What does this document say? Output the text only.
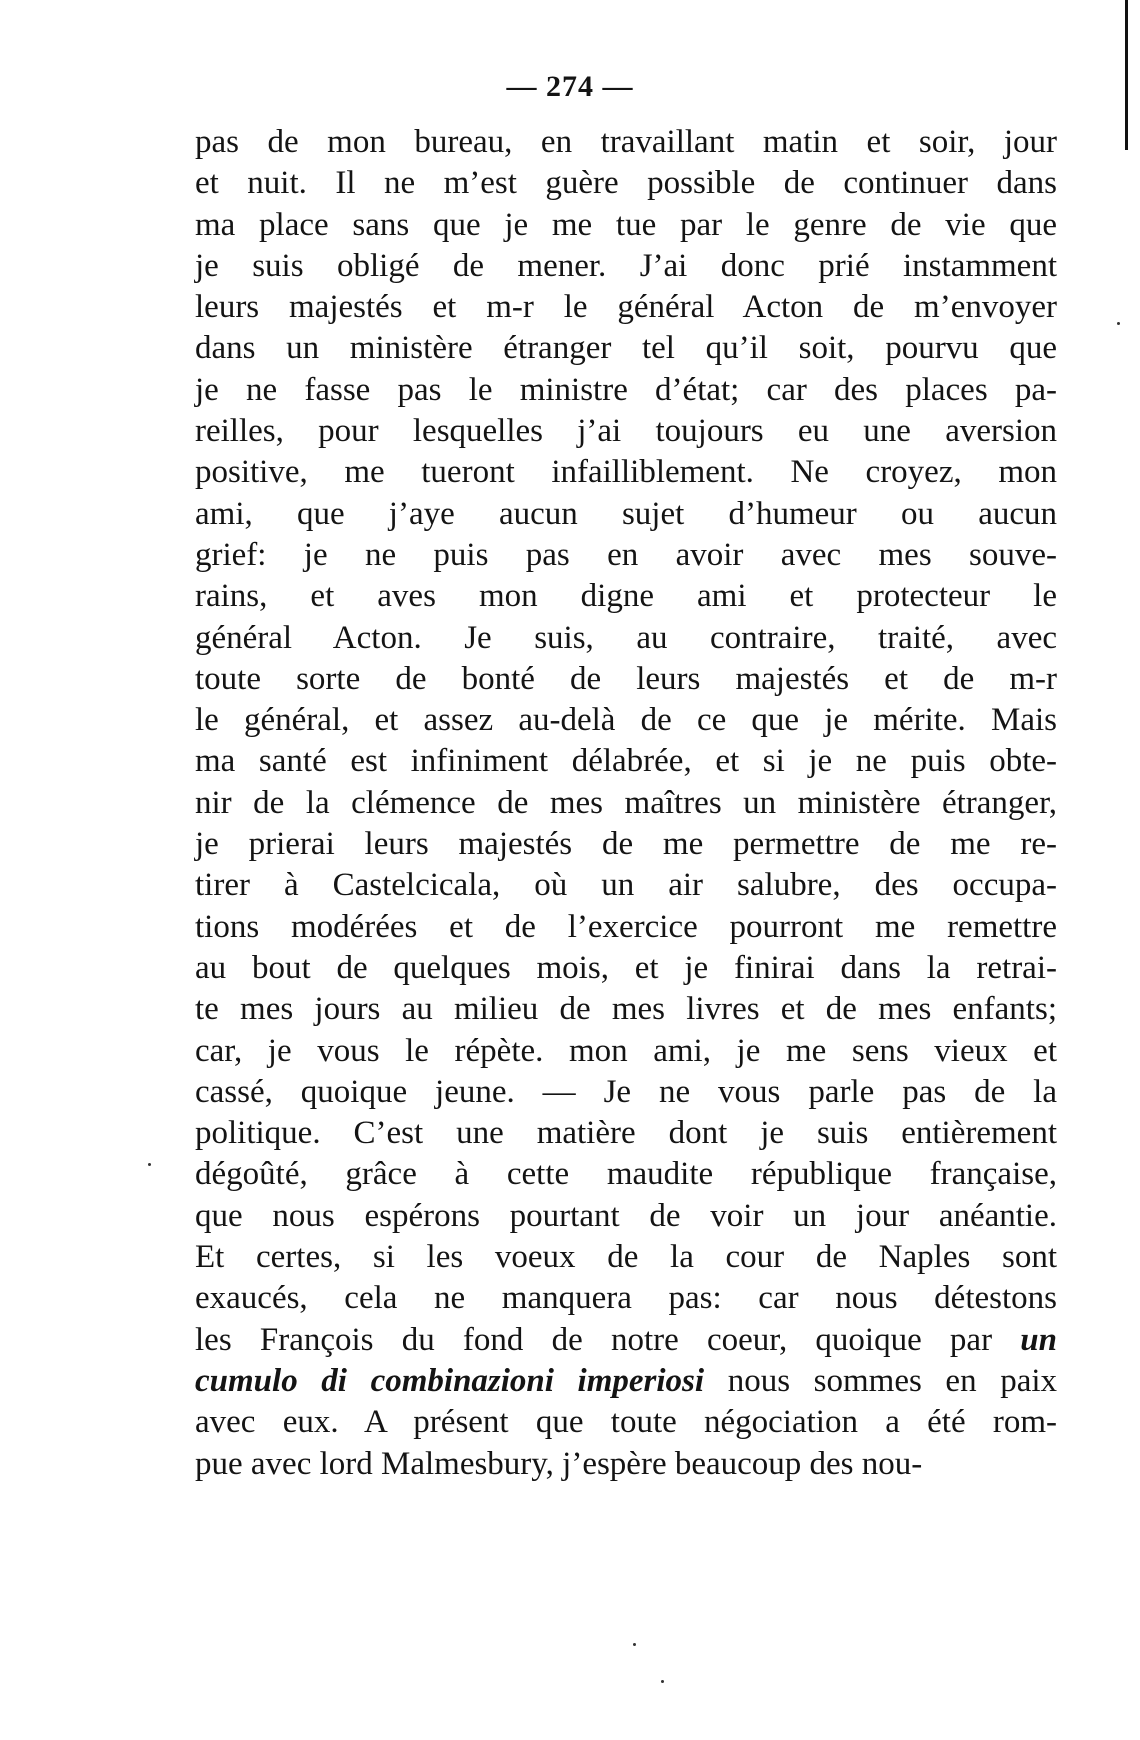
— 274 —
pas de mon bureau, en travaillant matin et soir, jour
et nuit. Il ne m’est guère possible de continuer dans
ma place sans que je me tue par le genre de vie que
je suis obligé de mener. J’ai donc prié instamment
leurs majestés et m-r le général Acton de m’envoyer
dans un ministère étranger tel qu’il soit, pourvu que
je ne fasse pas le ministre d’état; car des places pa-
reilles, pour lesquelles j’ai toujours eu une aversion
positive, me tueront infailliblement. Ne croyez, mon
ami, que j’aye aucun sujet d’humeur ou aucun
grief: je ne puis pas en avoir avec mes souve-
rains, et aves mon digne ami et protecteur le
général Acton. Je suis, au contraire, traité, avec
toute sorte de bonté de leurs majestés et de m-r
le général, et assez au-delà de ce que je mérite. Mais
ma santé est infiniment délabrée, et si je ne puis obte-
nir de la clémence de mes maîtres un ministère étranger,
je prierai leurs majestés de me permettre de me re-
tirer à Castelcicala, où un air salubre, des occupa-
tions modérées et de l’exercice pourront me remettre
au bout de quelques mois, et je finirai dans la retrai-
te mes jours au milieu de mes livres et de mes enfants;
car, je vous le répète. mon ami, je me sens vieux et
cassé, quoique jeune. — Je ne vous parle pas de la
politique. C’est une matière dont je suis entièrement
dégoûté, grâce à cette maudite république française,
que nous espérons pourtant de voir un jour anéantie.
Et certes, si les voeux de la cour de Naples sont
exaucés, cela ne manquera pas: car nous détestons
les François du fond de notre coeur, quoique par un
cumulo di combinazioni imperiosi nous sommes en paix
avec eux. A présent que toute négociation a été rom-
pue avec lord Malmesbury, j’espère beaucoup des nou-
